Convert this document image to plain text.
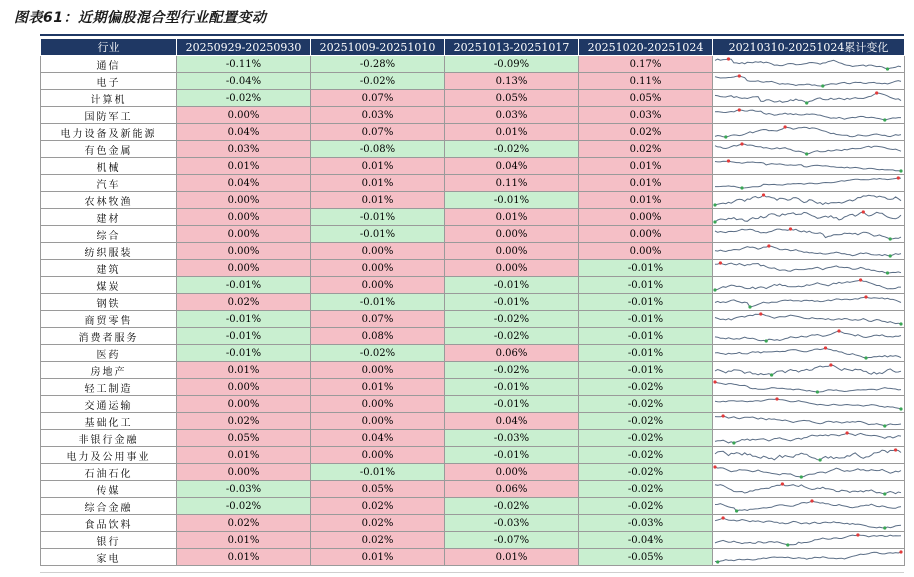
图表61：近期偏股混合型行业配置变动
行业	20250929-20250930	20251009-20251010	20251013-20251017	20251020-20251024	20210310-20251024累计变化
通信	-0.11%	-0.28%	-0.09%	0.17%	

电子	-0.04%	-0.02%	0.13%	0.11%	

计算机	-0.02%	0.07%	0.05%	0.05%	

国防军工	0.00%	0.03%	0.03%	0.03%	

电力设备及新能源	0.04%	0.07%	0.01%	0.02%	

有色金属	0.03%	-0.08%	-0.02%	0.02%	

机械	0.01%	0.01%	0.04%	0.01%	

汽车	0.04%	0.01%	0.11%	0.01%	

农林牧渔	0.00%	0.01%	-0.01%	0.01%	

建材	0.00%	-0.01%	0.01%	0.00%	

综合	0.00%	-0.01%	0.00%	0.00%	

纺织服装	0.00%	0.00%	0.00%	0.00%	

建筑	0.00%	0.00%	0.00%	-0.01%	

煤炭	-0.01%	0.00%	-0.01%	-0.01%	

钢铁	0.02%	-0.01%	-0.01%	-0.01%	

商贸零售	-0.01%	0.07%	-0.02%	-0.01%	

消费者服务	-0.01%	0.08%	-0.02%	-0.01%	

医药	-0.01%	-0.02%	0.06%	-0.01%	

房地产	0.01%	0.00%	-0.02%	-0.01%	

轻工制造	0.00%	0.01%	-0.01%	-0.02%	

交通运输	0.00%	0.00%	-0.01%	-0.02%	

基础化工	0.02%	0.00%	0.04%	-0.02%	

非银行金融	0.05%	0.04%	-0.03%	-0.02%	

电力及公用事业	0.01%	0.00%	-0.01%	-0.02%	

石油石化	0.00%	-0.01%	0.00%	-0.02%	

传媒	-0.03%	0.05%	0.06%	-0.02%	

综合金融	-0.02%	0.02%	-0.02%	-0.02%	

食品饮料	0.02%	0.02%	-0.03%	-0.03%	

银行	0.01%	0.02%	-0.07%	-0.04%	

家电	0.01%	0.01%	0.01%	-0.05%	
